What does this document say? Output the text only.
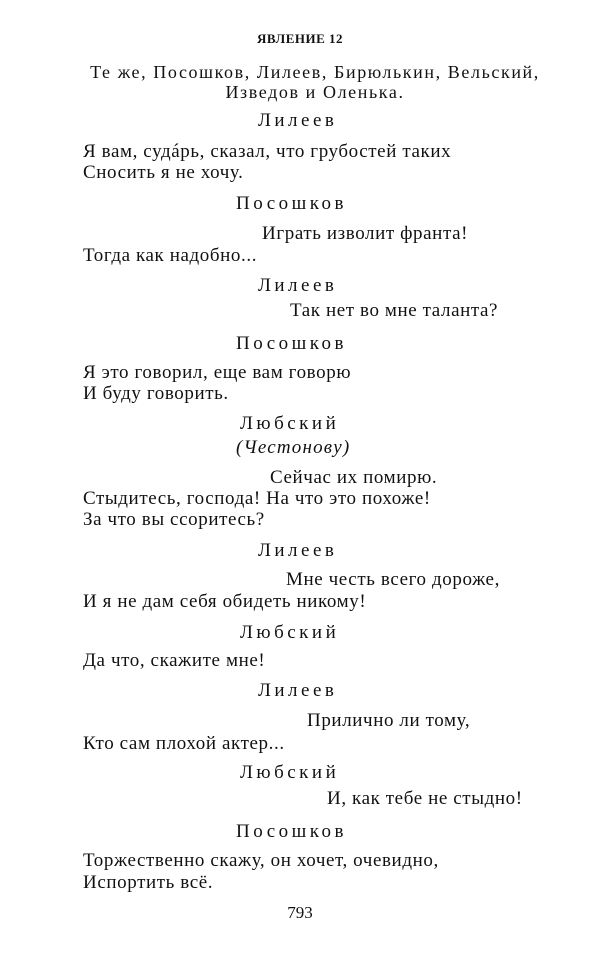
ЯВЛЕНИЕ 12
Те же, Посошков, Лилеев, Бирюлькин, Вельский,
Изведов и Оленька.
Лилеев
Я вам, судáрь, сказал, что грубостей таких
Сносить я не хочу.
Посошков
Играть изволит франта!
Тогда как надобно...
Лилеев
Так нет во мне таланта?
Посошков
Я это говорил, еще вам говорю
И буду говорить.
Любский
(Честонову)
Сейчас их помирю.
Стыдитесь, господа! На что это похоже!
За что вы ссоритесь?
Лилеев
Мне честь всего дороже,
И я не дам себя обидеть никому!
Любский
Да что, скажите мне!
Лилеев
Прилично ли тому,
Кто сам плохой актер...
Любский
И, как тебе не стыдно!
Посошков
Торжественно скажу, он хочет, очевидно,
Испортить всё.
793
